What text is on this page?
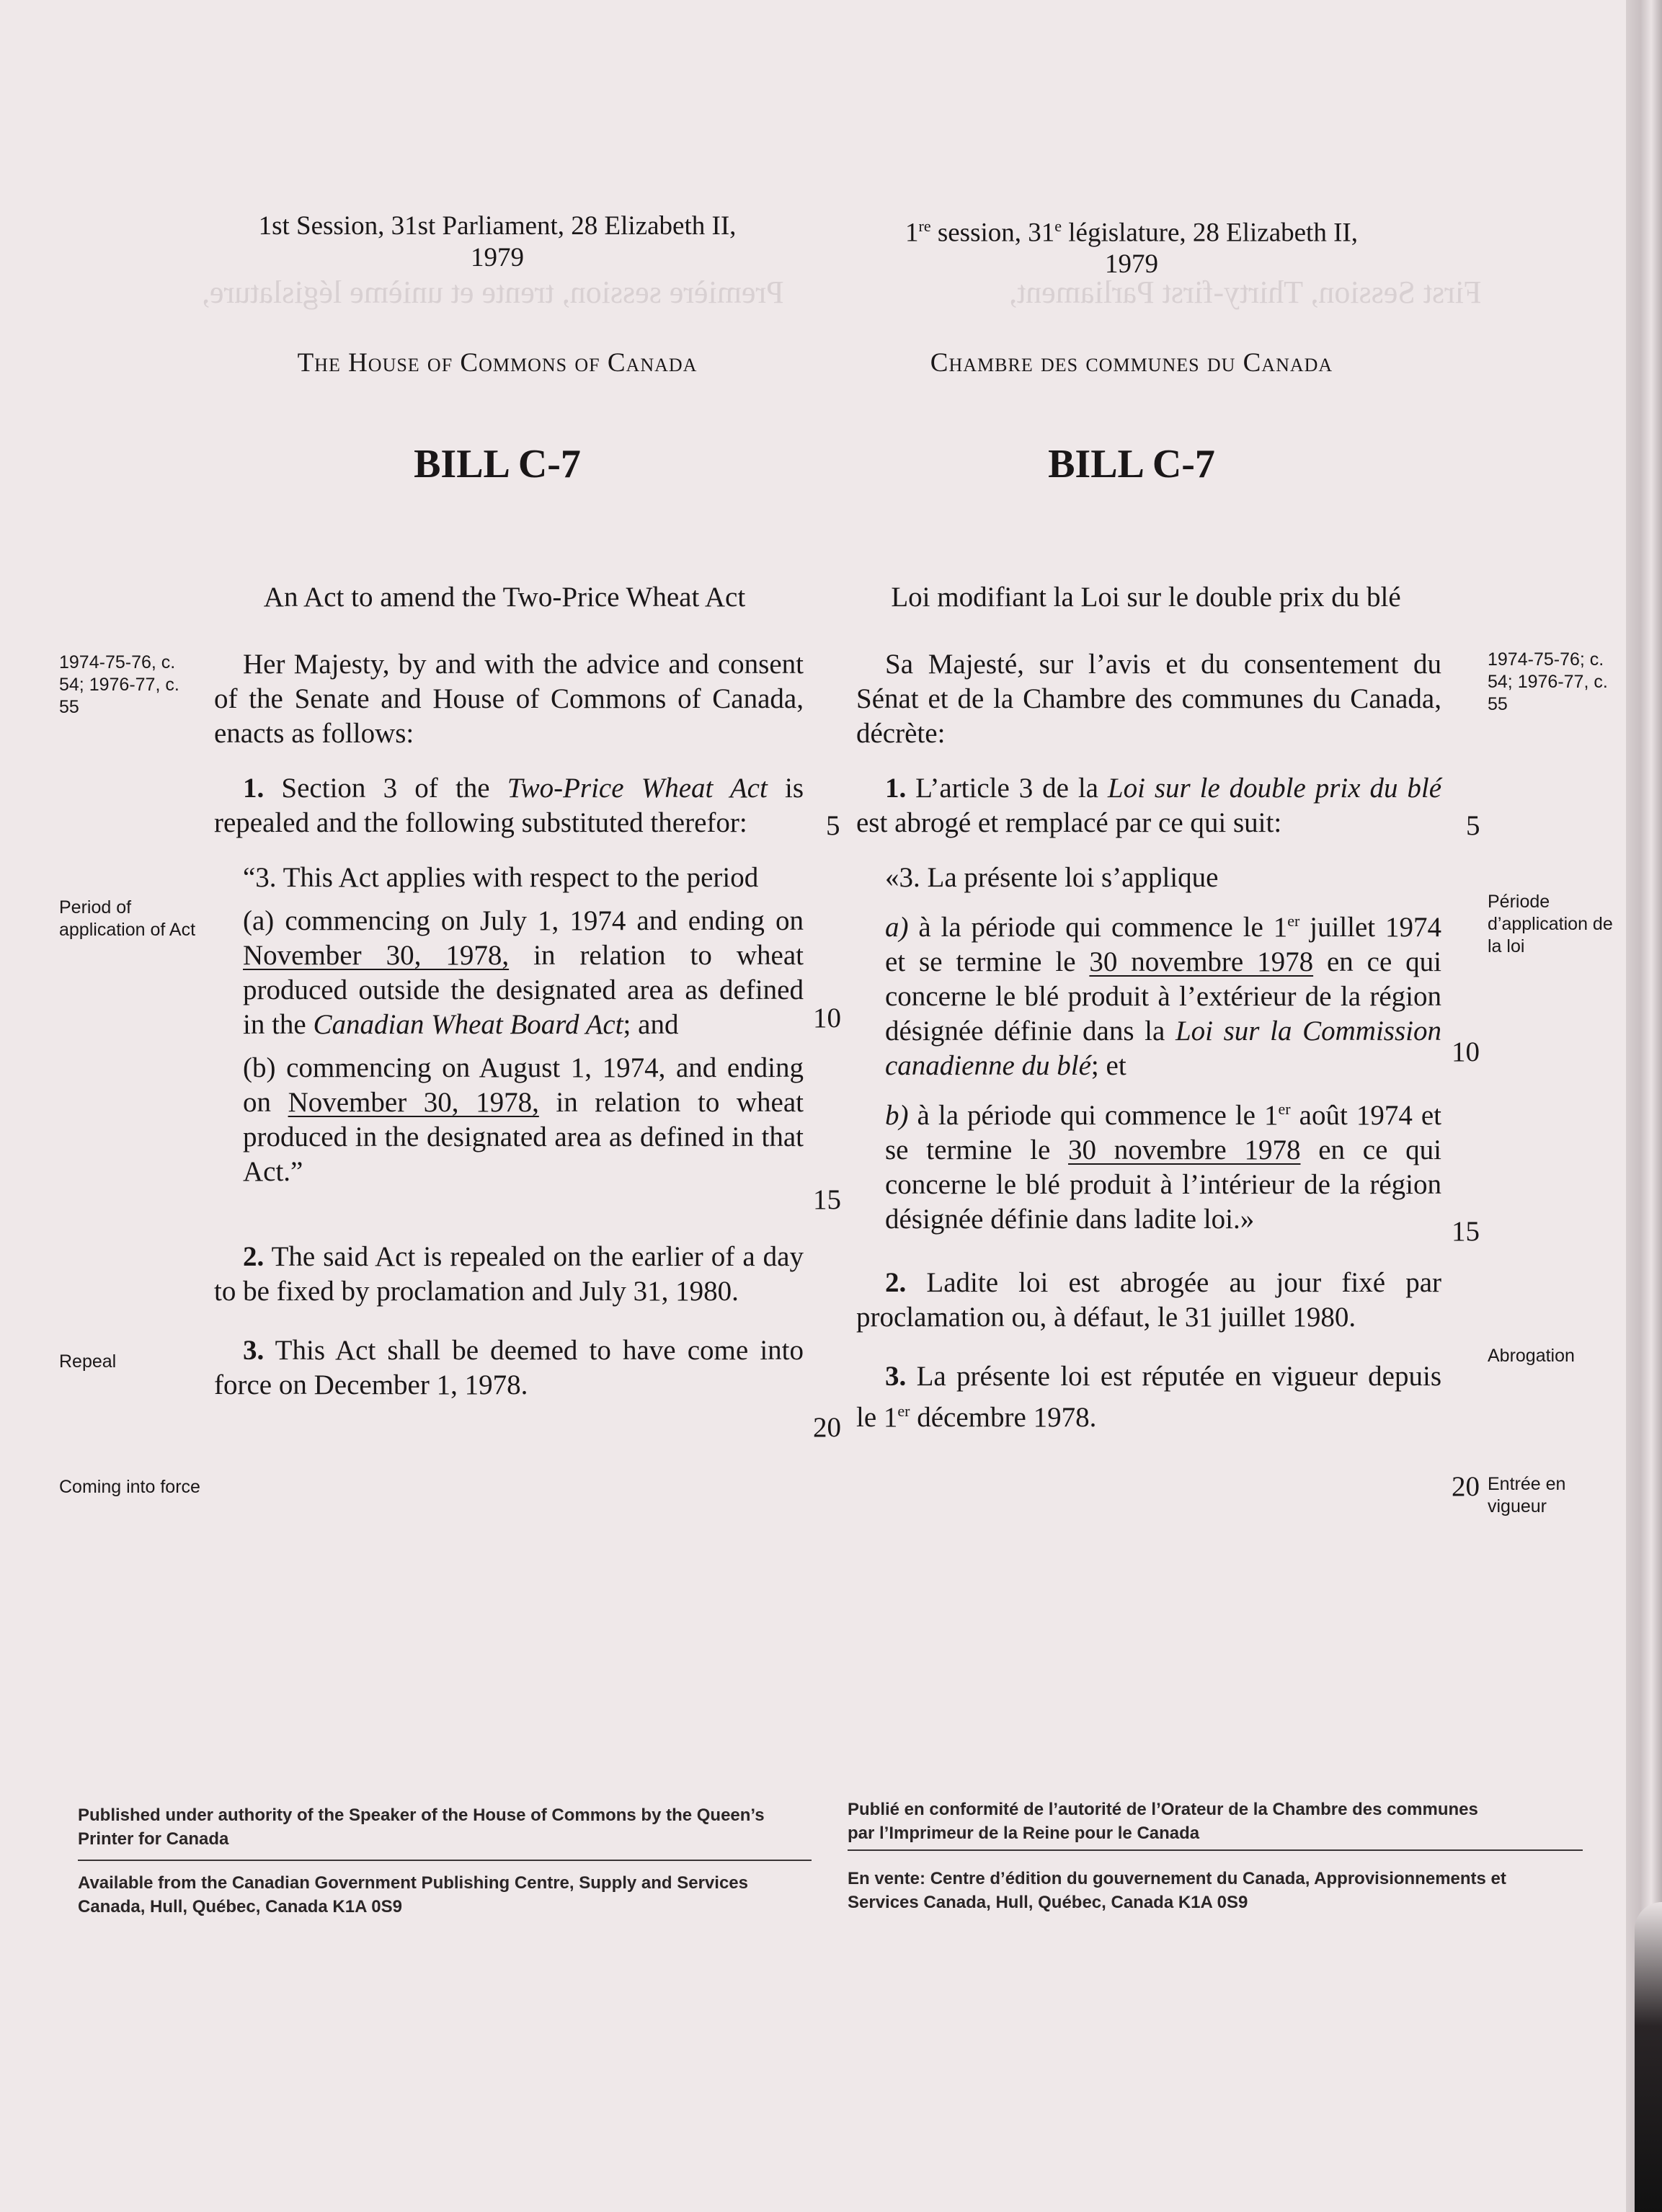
Première session, trente et unième législature,	First Session, Thirty-first Parliament,
1st Session, 31st Parliament, 28 Elizabeth II,
1979
1re session, 31e législature, 28 Elizabeth II,
1979
The House of Commons of Canada	Chambre des communes du Canada
BILL C-7	BILL C-7
An Act to amend the Two-Price Wheat Act	Loi modifiant la Loi sur le double prix du blé

Her Majesty, by and with the advice and consent of the Senate and House of Commons of Canada, enacts as follows:

1. Section 3 of the Two-Price Wheat Act is repealed and the following substituted therefor:

“3. This Act applies with respect to the period

(a) commencing on July 1, 1974 and ending on November 30, 1978, in relation to wheat produced outside the designated area as defined in the Canadian Wheat Board Act; and

(b) commencing on August 1, 1974, and ending on November 30, 1978, in relation to wheat produced in the designated area as defined in that Act.”

2. The said Act is repealed on the earlier of a day to be fixed by proclamation and July 31, 1980.

3. This Act shall be deemed to have come into force on December 1, 1978.

Sa Majesté, sur l’avis et du consentement du Sénat et de la Chambre des communes du Canada, décrète:

1. L’article 3 de la Loi sur le double prix du blé est abrogé et remplacé par ce qui suit:

«3. La présente loi s’applique

a) à la période qui commence le 1er juillet 1974 et se termine le 30 novembre 1978 en ce qui concerne le blé produit à l’extérieur de la région désignée définie dans la Loi sur la Commission canadienne du blé; et

b) à la période qui commence le 1er août 1974 et se termine le 30 novembre 1978 en ce qui concerne le blé produit à l’intérieur de la région désignée définie dans ladite loi.»

2. Ladite loi est abrogée au jour fixé par proclamation ou, à défaut, le 31 juillet 1980.

3. La présente loi est réputée en vigueur depuis le 1er décembre 1978.

1974-75-76, c. 54; 1976-77, c. 55
Period of application of Act
Repeal
Coming into force
1974-75-76; c. 54; 1976-77, c. 55
Période d’application de la loi
Abrogation
Entrée en vigueur
5
10
15
20
5
10
15
20
Published under authority of the Speaker of the House of Commons by the Queen’s Printer for Canada
Available from the Canadian Government Publishing Centre, Supply and Services Canada, Hull, Québec, Canada K1A 0S9
Publié en conformité de l’autorité de l’Orateur de la Chambre des communes par l’Imprimeur de la Reine pour le Canada
En vente: Centre d’édition du gouvernement du Canada, Approvisionnements et Services Canada, Hull, Québec, Canada K1A 0S9
